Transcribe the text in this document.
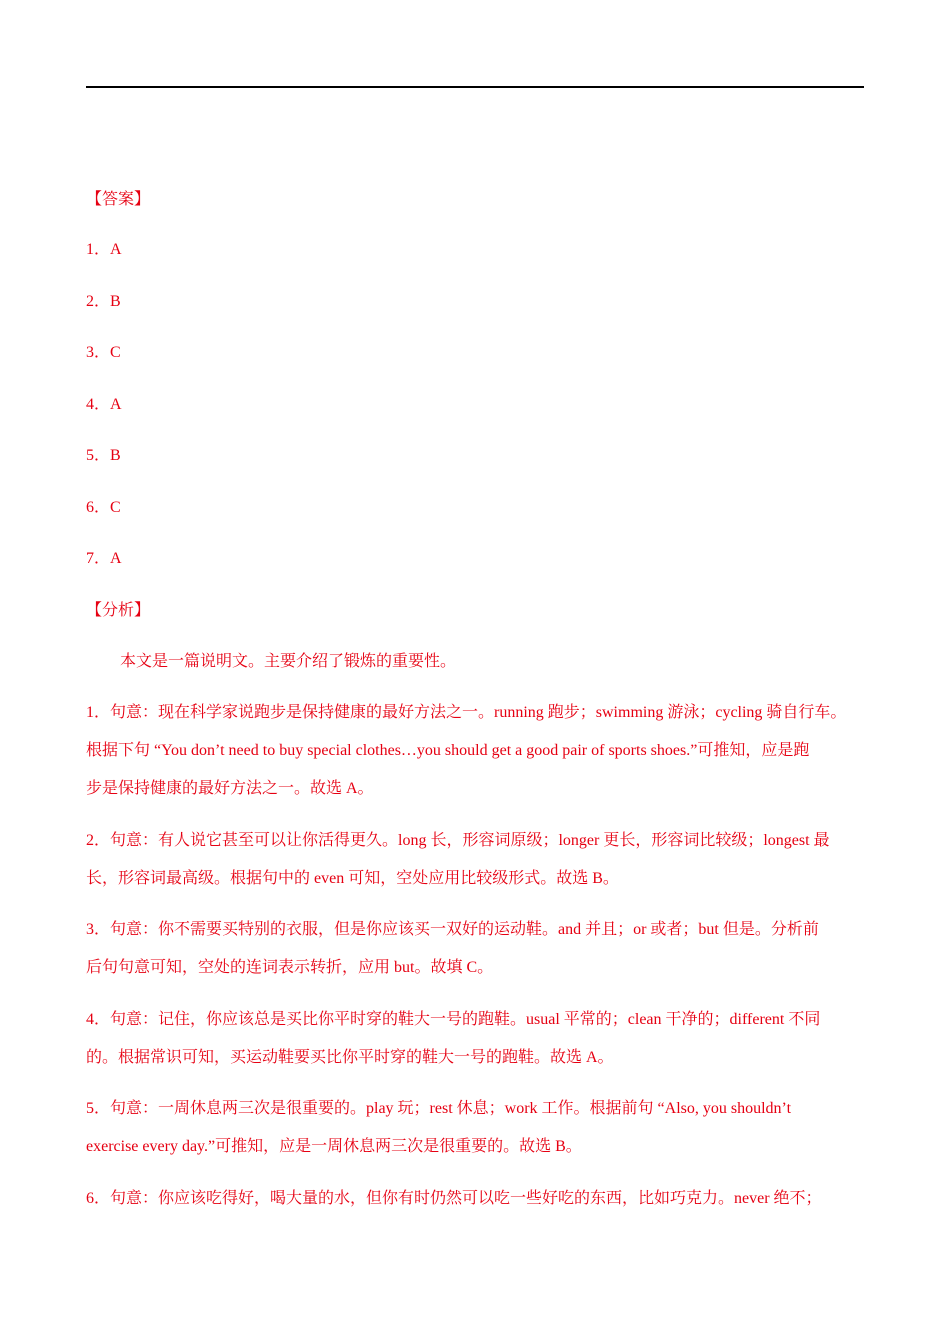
【答案】

1．A

2．B

3．C

4．A

5．B

6．C

7．A

【分析】

本文是一篇说明文。主要介绍了锻炼的重要性。

1．句意：现在科学家说跑步是保持健康的最好方法之一。running 跑步；swimming 游泳；cycling 骑自行车。

根据下句 “You don’t need to buy special clothes…you should get a good pair of sports shoes.”可推知，应是跑

步是保持健康的最好方法之一。故选 A。

2．句意：有人说它甚至可以让你活得更久。long 长，形容词原级；longer 更长，形容词比较级；longest 最

长，形容词最高级。根据句中的 even 可知，空处应用比较级形式。故选 B。

3．句意：你不需要买特别的衣服，但是你应该买一双好的运动鞋。and 并且；or 或者；but 但是。分析前

后句句意可知，空处的连词表示转折，应用 but。故填 C。

4．句意：记住，你应该总是买比你平时穿的鞋大一号的跑鞋。usual 平常的；clean 干净的；different 不同

的。根据常识可知，买运动鞋要买比你平时穿的鞋大一号的跑鞋。故选 A。

5．句意：一周休息两三次是很重要的。play 玩；rest 休息；work 工作。根据前句 “Also, you shouldn’t

exercise every day.”可推知，应是一周休息两三次是很重要的。故选 B。

6．句意：你应该吃得好，喝大量的水，但你有时仍然可以吃一些好吃的东西，比如巧克力。never 绝不；
